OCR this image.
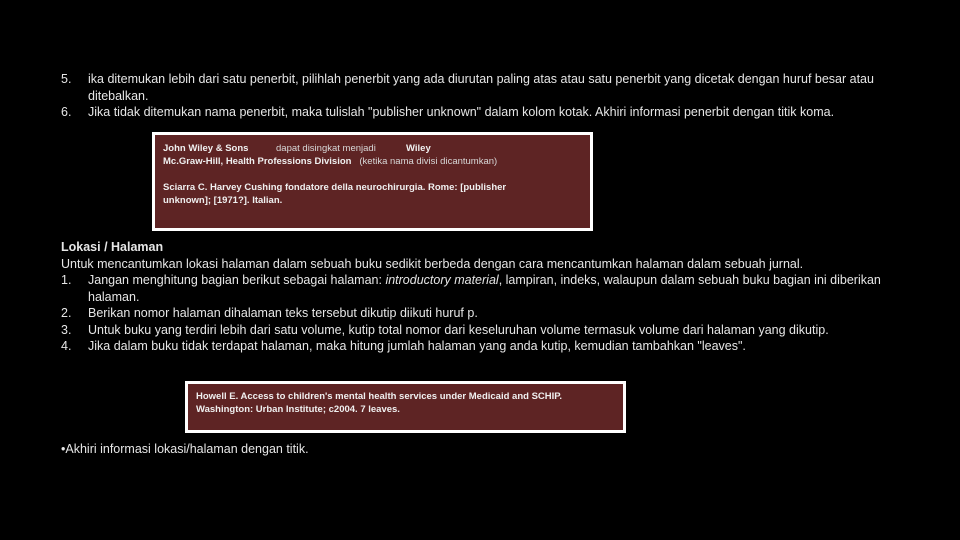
5. ika ditemukan lebih dari satu penerbit, pilihlah penerbit yang ada diurutan paling atas atau satu penerbit yang dicetak dengan huruf besar atau ditebalkan.
6. Jika tidak ditemukan nama penerbit, maka tulislah "publisher unknown" dalam kolom kotak. Akhiri informasi penerbit dengan titik koma.
John Wiley & Sons	dapat disingkat menjadi	Wiley
Mc.Graw-Hill, Health Professions Division (ketika nama divisi dicantumkan)
Sciarra C. Harvey Cushing fondatore della neurochirurgia. Rome: [publisher
unknown]; [1971?]. Italian.
Lokasi / Halaman
Untuk mencantumkan lokasi halaman dalam sebuah buku sedikit berbeda dengan cara mencantumkan halaman dalam sebuah jurnal.
1. Jangan menghitung bagian berikut sebagai halaman: introductory material, lampiran, indeks, walaupun dalam sebuah buku bagian ini diberikan halaman.
2. Berikan nomor halaman dihalaman teks tersebut dikutip diikuti huruf p.
3. Untuk buku yang terdiri lebih dari satu volume, kutip total nomor dari keseluruhan volume termasuk volume dari halaman yang dikutip.
4. Jika dalam buku tidak terdapat halaman, maka hitung jumlah halaman yang anda kutip, kemudian tambahkan "leaves".
Howell E. Access to children's mental health services under Medicaid and SCHIP.
Washington: Urban Institute; c2004. 7 leaves.
•Akhiri informasi lokasi/halaman dengan titik.
